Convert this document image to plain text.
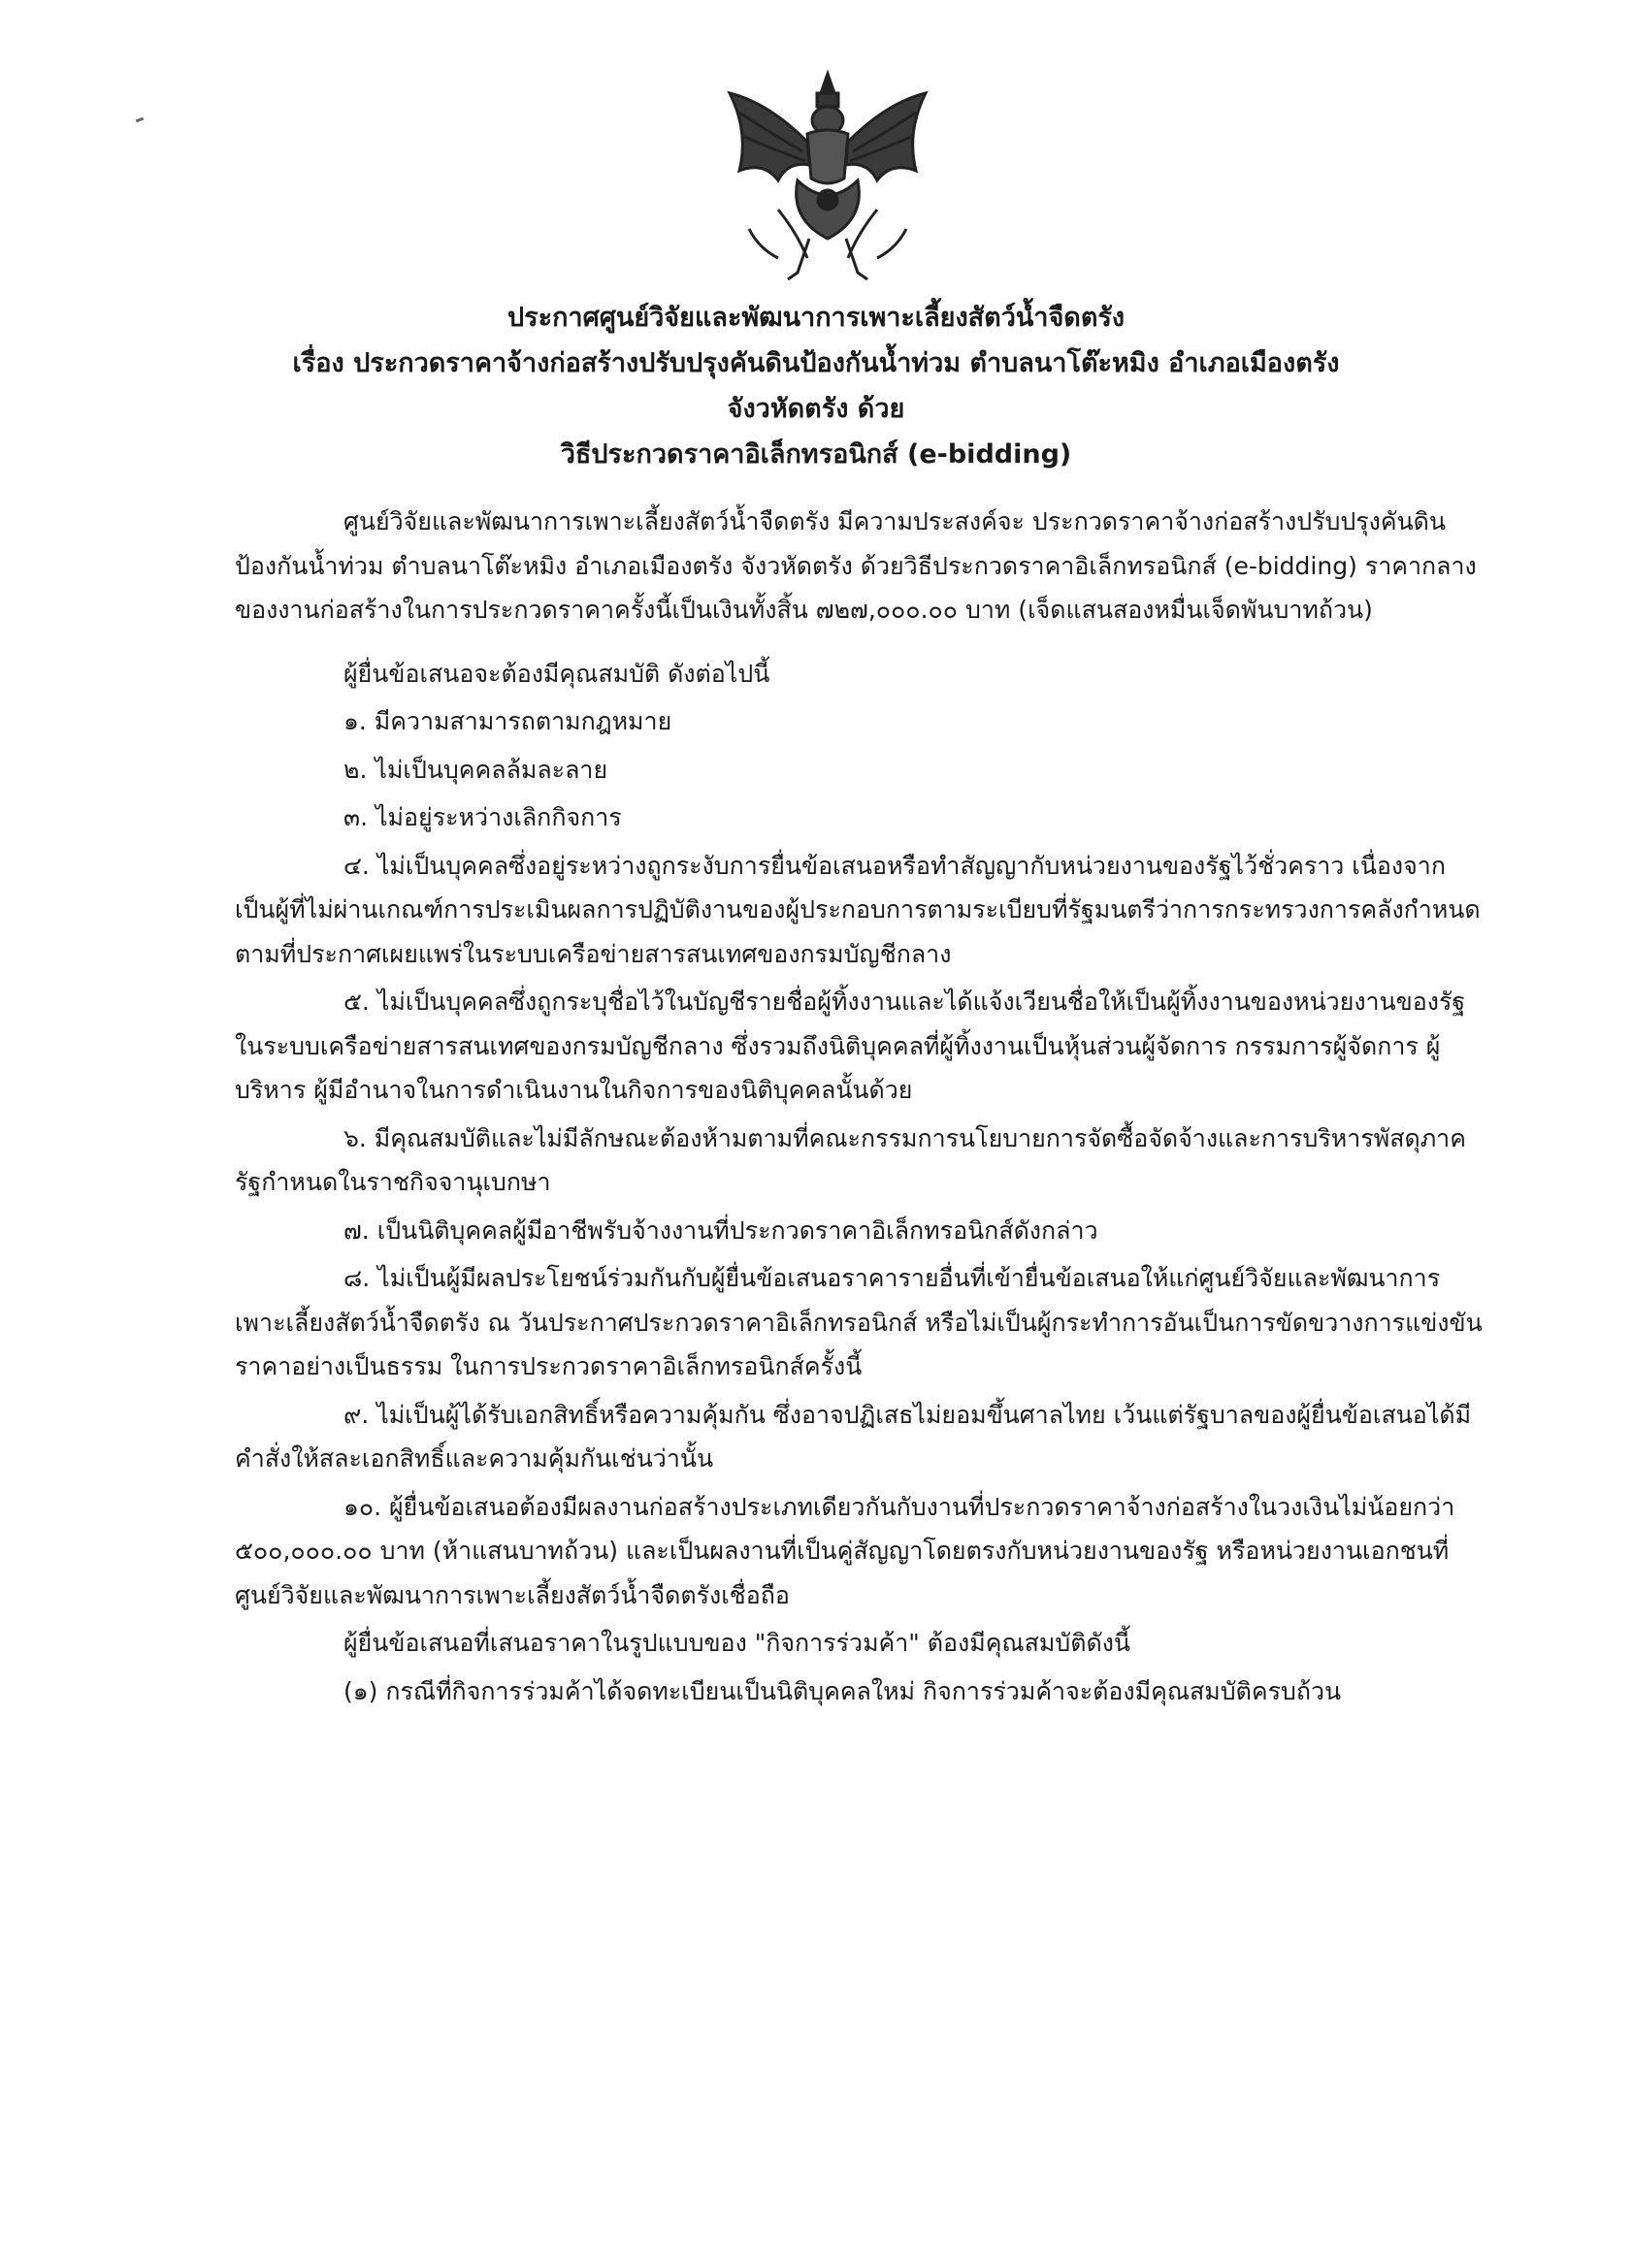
ประกาศศูนย์วิจัยและพัฒนาการเพาะเลี้ยงสัตว์น้ำจืดตรัง
เรื่อง ประกวดราคาจ้างก่อสร้างปรับปรุงคันดินป้องกันน้ำท่วม ตำบลนาโต๊ะหมิง อำเภอเมืองตรัง จังวหัดตรัง ด้วย
วิธีประกวดราคาอิเล็กทรอนิกส์ (e-bidding)

ศูนย์วิจัยและพัฒนาการเพาะเลี้ยงสัตว์น้ำจืดตรัง มีความประสงค์จะ ประกวดราคาจ้างก่อสร้างปรับปรุงคันดินป้องกันน้ำท่วม ตำบลนาโต๊ะหมิง อำเภอเมืองตรัง จังวหัดตรัง ด้วยวิธีประกวดราคาอิเล็กทรอนิกส์ (e-bidding) ราคากลางของงานก่อสร้างในการประกวดราคาครั้งนี้เป็นเงินทั้งสิ้น ๗๒๗,๐๐๐.๐๐ บาท (เจ็ดแสนสองหมื่นเจ็ดพันบาทถ้วน)

ผู้ยื่นข้อเสนอจะต้องมีคุณสมบัติ ดังต่อไปนี้

๑. มีความสามารถตามกฎหมาย

๒. ไม่เป็นบุคคลล้มละลาย

๓. ไม่อยู่ระหว่างเลิกกิจการ

๔. ไม่เป็นบุคคลซึ่งอยู่ระหว่างถูกระงับการยื่นข้อเสนอหรือทำสัญญากับหน่วยงานของรัฐไว้ชั่วคราว เนื่องจากเป็นผู้ที่ไม่ผ่านเกณฑ์การประเมินผลการปฏิบัติงานของผู้ประกอบการตามระเบียบที่รัฐมนตรีว่าการกระทรวงการคลังกำหนดตามที่ประกาศเผยแพร่ในระบบเครือข่ายสารสนเทศของกรมบัญชีกลาง

๕. ไม่เป็นบุคคลซึ่งถูกระบุชื่อไว้ในบัญชีรายชื่อผู้ทิ้งงานและได้แจ้งเวียนชื่อให้เป็นผู้ทิ้งงานของหน่วยงานของรัฐในระบบเครือข่ายสารสนเทศของกรมบัญชีกลาง ซึ่งรวมถึงนิติบุคคลที่ผู้ทิ้งงานเป็นหุ้นส่วนผู้จัดการ กรรมการผู้จัดการ ผู้บริหาร ผู้มีอำนาจในการดำเนินงานในกิจการของนิติบุคคลนั้นด้วย

๖. มีคุณสมบัติและไม่มีลักษณะต้องห้ามตามที่คณะกรรมการนโยบายการจัดซื้อจัดจ้างและการบริหารพัสดุภาครัฐกำหนดในราชกิจจานุเบกษา

๗. เป็นนิติบุคคลผู้มีอาชีพรับจ้างงานที่ประกวดราคาอิเล็กทรอนิกส์ดังกล่าว

๘. ไม่เป็นผู้มีผลประโยชน์ร่วมกันกับผู้ยื่นข้อเสนอราคารายอื่นที่เข้ายื่นข้อเสนอให้แก่ศูนย์วิจัยและพัฒนาการเพาะเลี้ยงสัตว์น้ำจืดตรัง ณ วันประกาศประกวดราคาอิเล็กทรอนิกส์ หรือไม่เป็นผู้กระทำการอันเป็นการขัดขวางการแข่งขันราคาอย่างเป็นธรรม ในการประกวดราคาอิเล็กทรอนิกส์ครั้งนี้

๙. ไม่เป็นผู้ได้รับเอกสิทธิ์หรือความคุ้มกัน ซึ่งอาจปฏิเสธไม่ยอมขึ้นศาลไทย เว้นแต่รัฐบาลของผู้ยื่นข้อเสนอได้มีคำสั่งให้สละเอกสิทธิ์และความคุ้มกันเช่นว่านั้น

๑๐. ผู้ยื่นข้อเสนอต้องมีผลงานก่อสร้างประเภทเดียวกันกับงานที่ประกวดราคาจ้างก่อสร้างในวงเงินไม่น้อยกว่า ๕๐๐,๐๐๐.๐๐ บาท (ห้าแสนบาทถ้วน) และเป็นผลงานที่เป็นคู่สัญญาโดยตรงกับหน่วยงานของรัฐ หรือหน่วยงานเอกชนที่ศูนย์วิจัยและพัฒนาการเพาะเลี้ยงสัตว์น้ำจืดตรังเชื่อถือ

ผู้ยื่นข้อเสนอที่เสนอราคาในรูปแบบของ "กิจการร่วมค้า" ต้องมีคุณสมบัติดังนี้

(๑) กรณีที่กิจการร่วมค้าได้จดทะเบียนเป็นนิติบุคคลใหม่ กิจการร่วมค้าจะต้องมีคุณสมบัติครบถ้วน
